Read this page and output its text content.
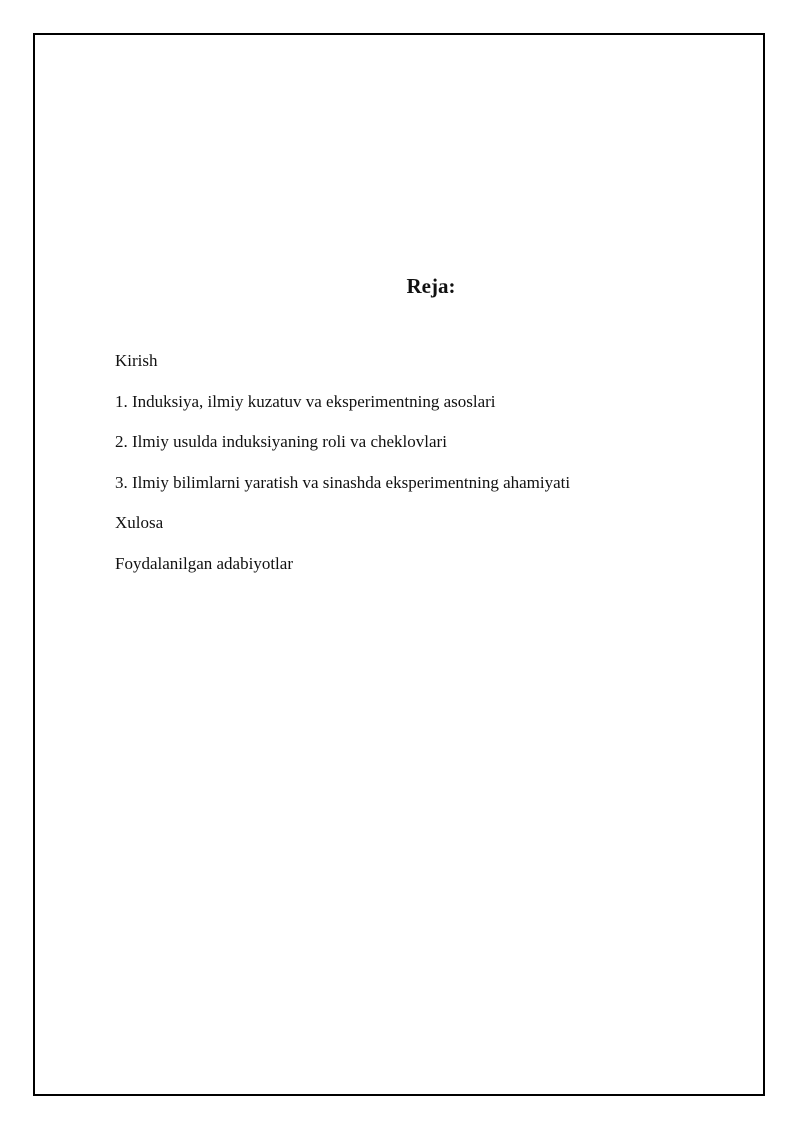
Reja:
Kirish
1. Induksiya, ilmiy kuzatuv va eksperimentning asoslari
2. Ilmiy usulda induksiyaning roli va cheklovlari
3. Ilmiy bilimlarni yaratish va sinashda eksperimentning ahamiyati
Xulosa
Foydalanilgan adabiyotlar
